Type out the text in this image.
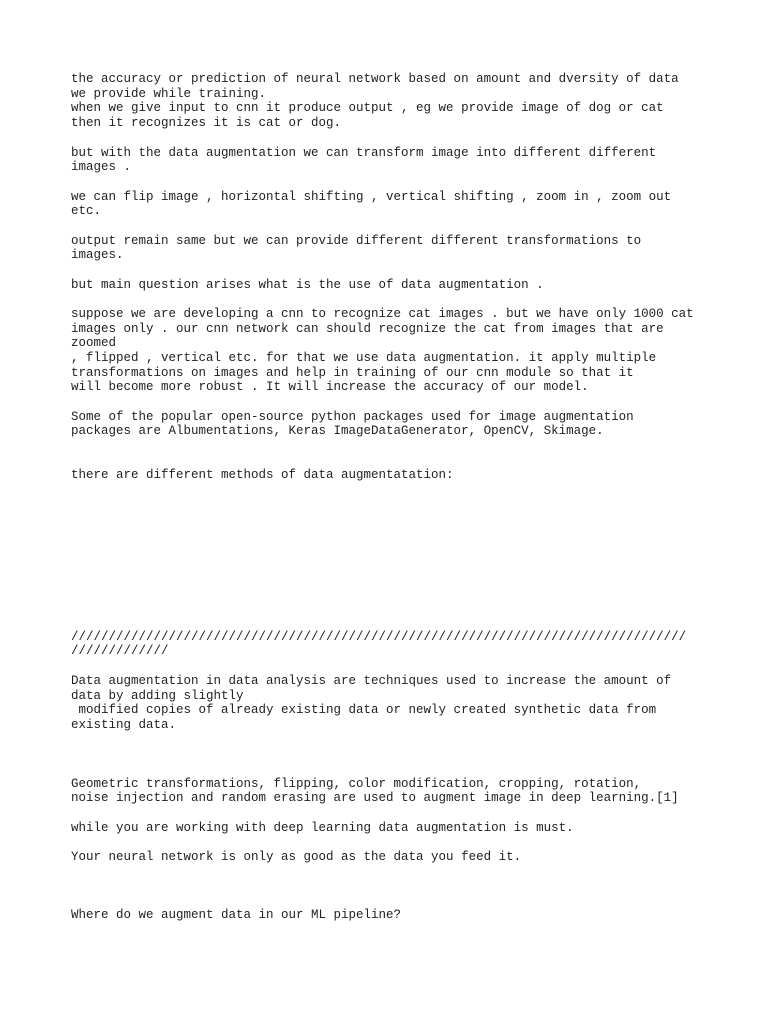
the accuracy or prediction of neural network based on amount and dversity of data

we provide while training.

when we give input to cnn it produce output , eg we provide image of dog or cat

then it recognizes it is cat or dog.

but with the data augmentation we can transform image into different different

images .

we can flip image , horizontal shifting , vertical shifting , zoom in , zoom out

etc.

output remain same but we can provide different different transformations to

images.

but main question arises what is the use of data augmentation .

suppose we are developing a cnn to recognize cat images . but we have only 1000 cat

images only . our cnn network can should recognize the cat from images that are

zoomed

, flipped , vertical etc. for that we use data augmentation. it apply multiple

transformations on images and help in training of our cnn module so that it

will become more robust . It will increase the accuracy of our model.

Some of the popular open-source python packages used for image augmentation

packages are Albumentations, Keras ImageDataGenerator, OpenCV, Skimage.

there are different methods of data augmentatation:

//////////////////////////////////////////////////////////////////////////////////

/////////////

Data augmentation in data analysis are techniques used to increase the amount of

data by adding slightly

modified copies of already existing data or newly created synthetic data from

existing data.

Geometric transformations, flipping, color modification, cropping, rotation,

noise injection and random erasing are used to augment image in deep learning.[1]

while you are working with deep learning data augmentation is must.

Your neural network is only as good as the data you feed it.

Where do we augment data in our ML pipeline?
